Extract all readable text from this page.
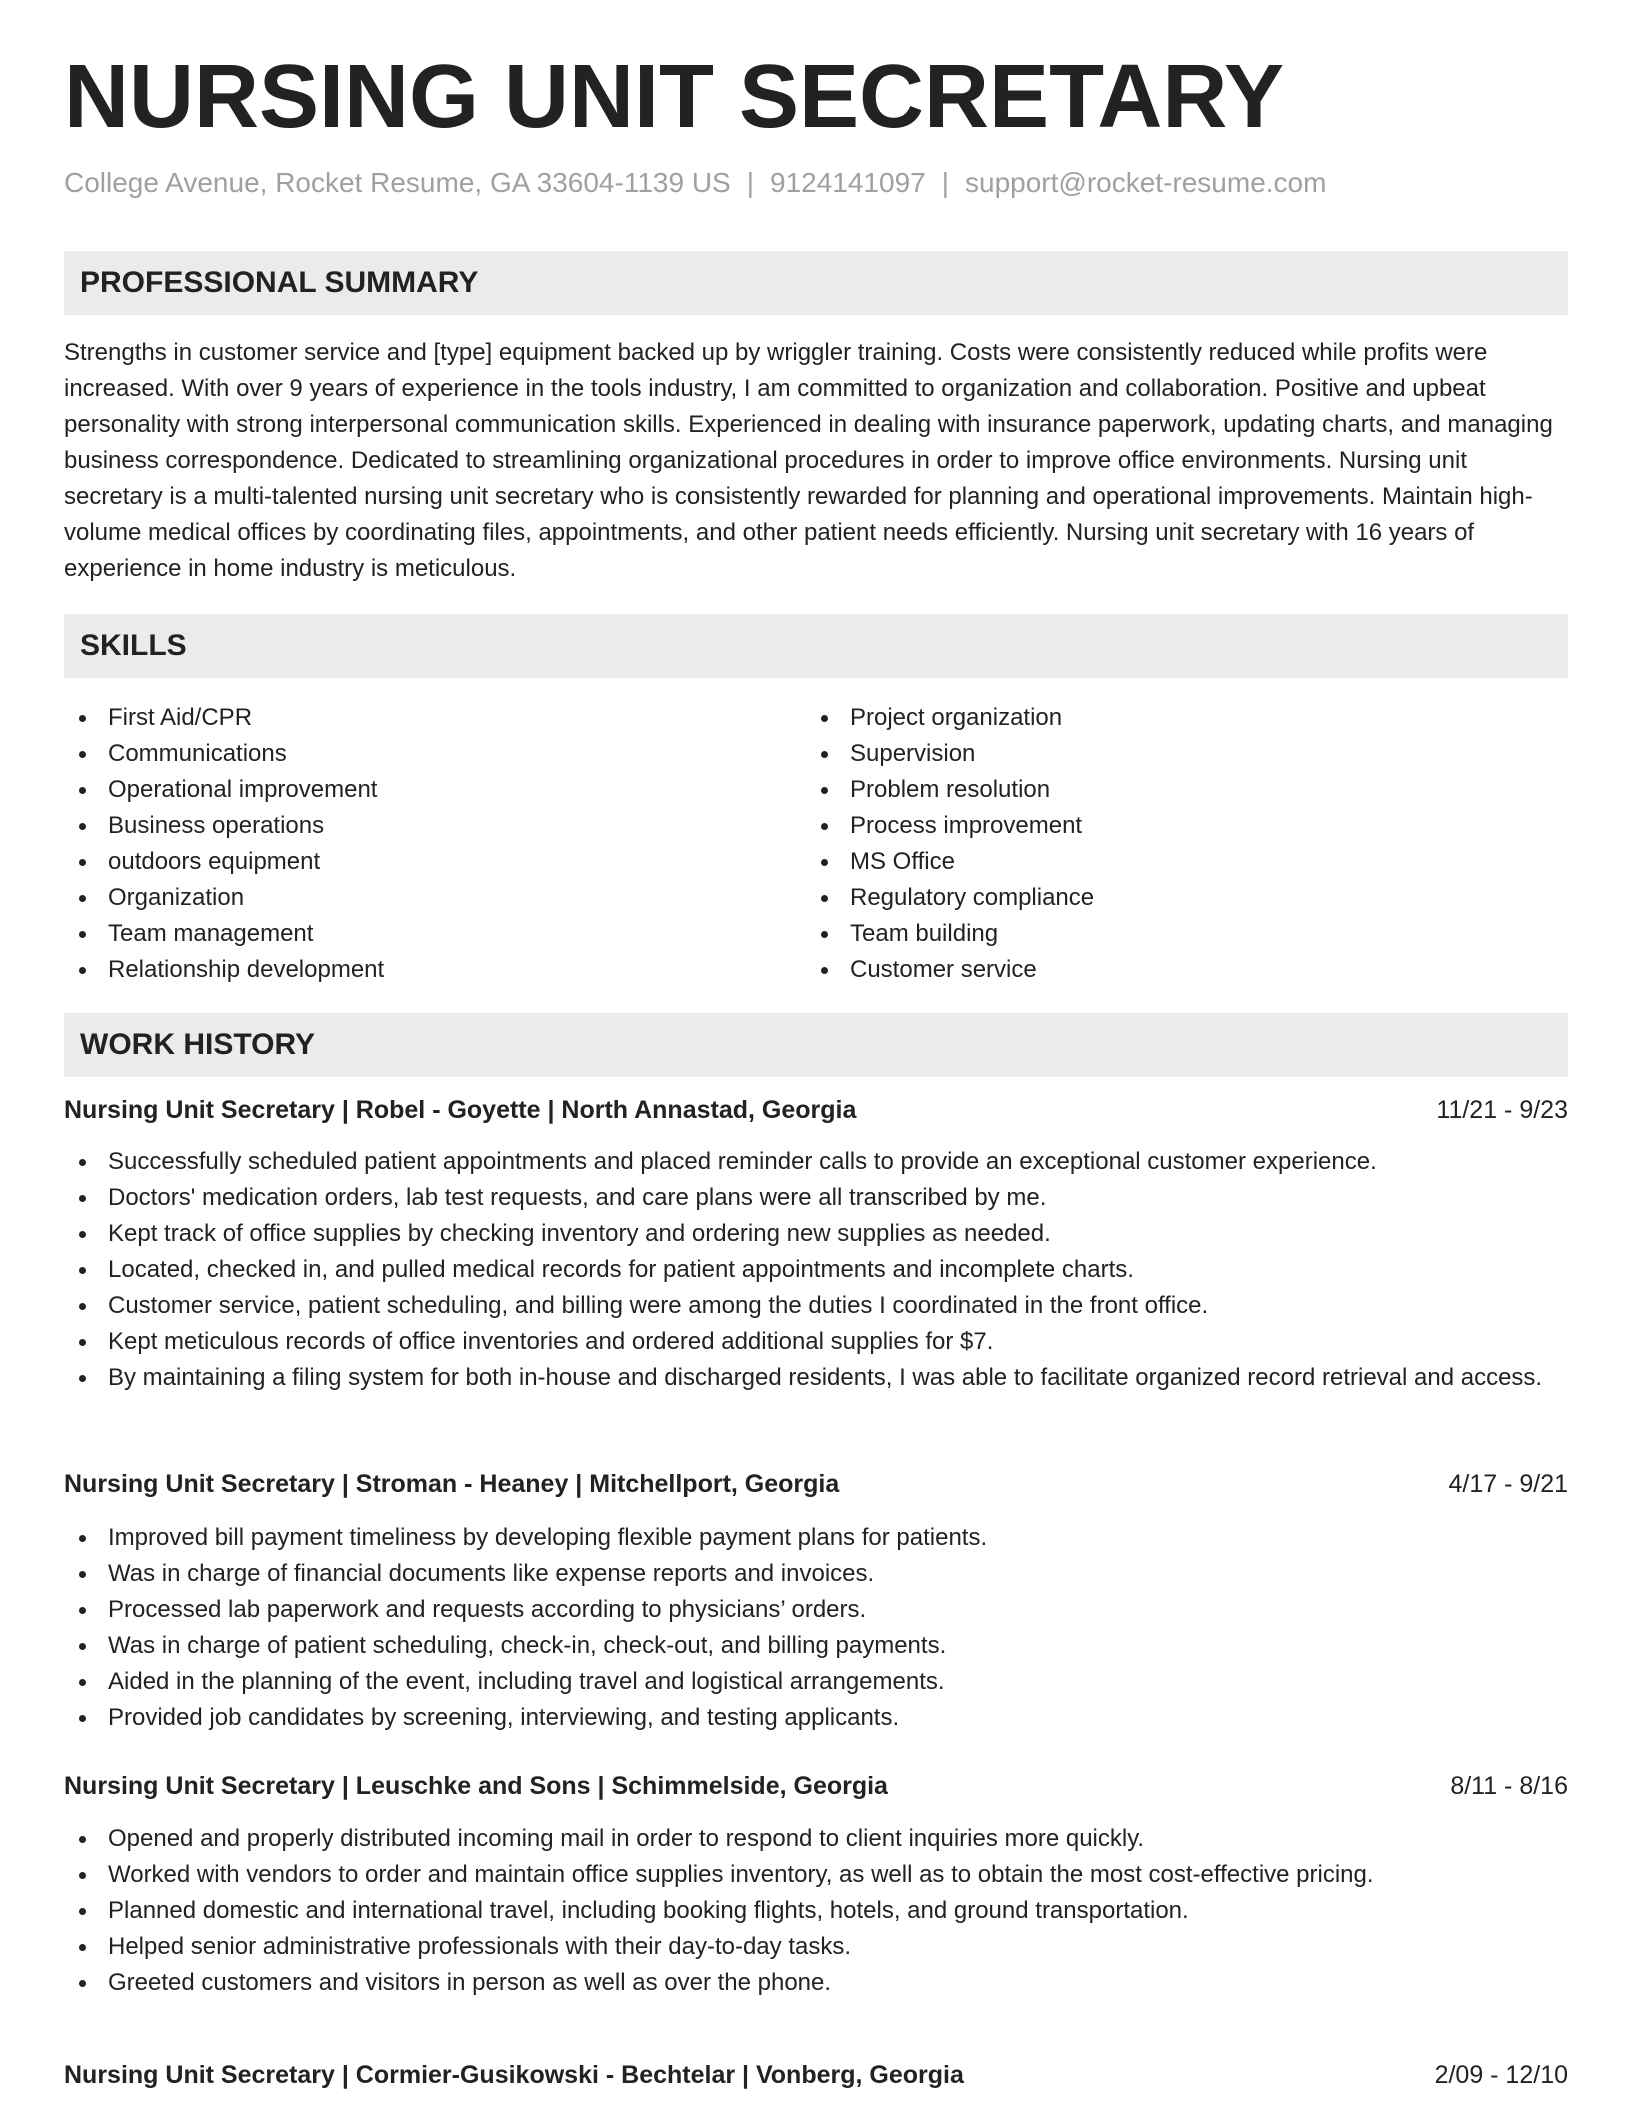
NURSING UNIT SECRETARY
College Avenue, Rocket Resume, GA 33604-1139 US | 9124141097 | support@rocket-resume.com
PROFESSIONAL SUMMARY

Strengths in customer service and [type] equipment backed up by wriggler training. Costs were consistently reduced while profits were increased. With over 9 years of experience in the tools industry, I am committed to organization and collaboration. Positive and upbeat personality with strong interpersonal communication skills. Experienced in dealing with insurance paperwork, updating charts, and managing business correspondence. Dedicated to streamlining organizational procedures in order to improve office environments. Nursing unit secretary is a multi-talented nursing unit secretary who is consistently rewarded for planning and operational improvements. Maintain high-volume medical offices by coordinating files, appointments, and other patient needs efficiently. Nursing unit secretary with 16 years of experience in home industry is meticulous.

SKILLS
First Aid/CPR
Communications
Operational improvement
Business operations
outdoors equipment
Organization
Team management
Relationship development
Project organization
Supervision
Problem resolution
Process improvement
MS Office
Regulatory compliance
Team building
Customer service
WORK HISTORY
Nursing Unit Secretary | Robel - Goyette | North Annastad, Georgia	11/21 - 9/23
Successfully scheduled patient appointments and placed reminder calls to provide an exceptional customer experience.
Doctors' medication orders, lab test requests, and care plans were all transcribed by me.
Kept track of office supplies by checking inventory and ordering new supplies as needed.
Located, checked in, and pulled medical records for patient appointments and incomplete charts.
Customer service, patient scheduling, and billing were among the duties I coordinated in the front office.
Kept meticulous records of office inventories and ordered additional supplies for $7.
By maintaining a filing system for both in-house and discharged residents, I was able to facilitate organized record retrieval and access.
Nursing Unit Secretary | Stroman - Heaney | Mitchellport, Georgia	4/17 - 9/21
Improved bill payment timeliness by developing flexible payment plans for patients.
Was in charge of financial documents like expense reports and invoices.
Processed lab paperwork and requests according to physicians’ orders.
Was in charge of patient scheduling, check-in, check-out, and billing payments.
Aided in the planning of the event, including travel and logistical arrangements.
Provided job candidates by screening, interviewing, and testing applicants.
Nursing Unit Secretary | Leuschke and Sons | Schimmelside, Georgia	8/11 - 8/16
Opened and properly distributed incoming mail in order to respond to client inquiries more quickly.
Worked with vendors to order and maintain office supplies inventory, as well as to obtain the most cost-effective pricing.
Planned domestic and international travel, including booking flights, hotels, and ground transportation.
Helped senior administrative professionals with their day-to-day tasks.
Greeted customers and visitors in person as well as over the phone.
Nursing Unit Secretary | Cormier-Gusikowski - Bechtelar | Vonberg, Georgia	2/09 - 12/10
